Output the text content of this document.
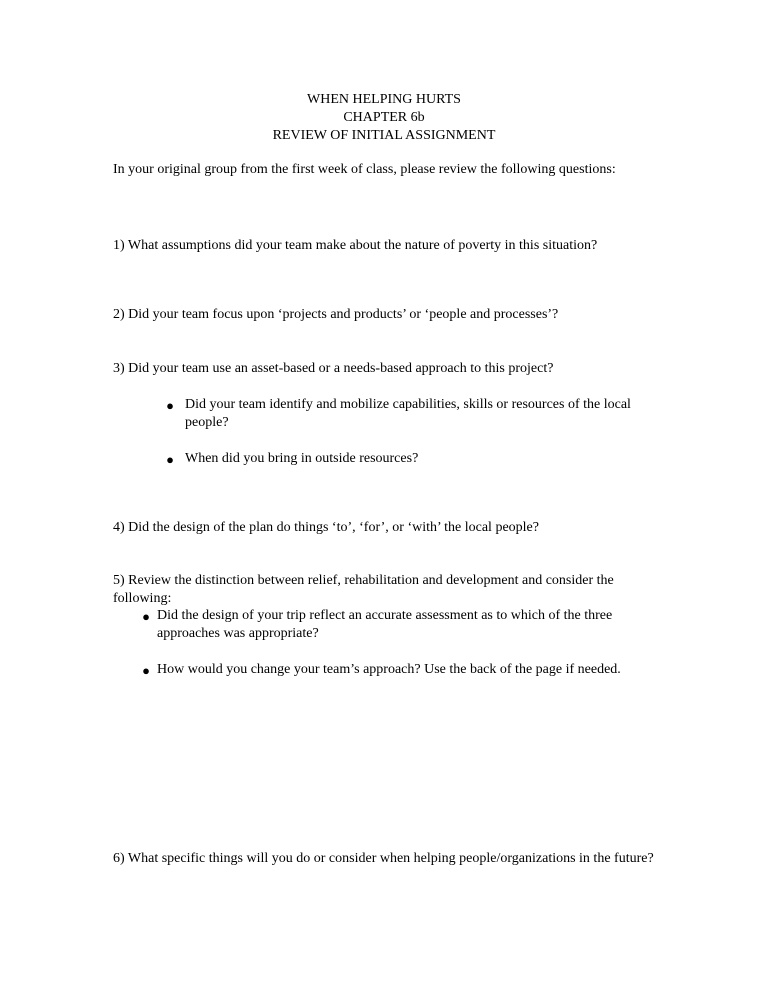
WHEN HELPING HURTS
CHAPTER 6b
REVIEW OF INITIAL ASSIGNMENT

In your original group from the first week of class, please review the following questions:

1) What assumptions did your team make about the nature of poverty in this situation?

2) Did your team focus upon ‘projects and products’ or ‘people and processes’?

3) Did your team use an asset-based or a needs-based approach to this project?

● Did your team identify and mobilize capabilities, skills or resources of the local people?

● When did you bring in outside resources?

4) Did the design of the plan do things ‘to’, ‘for’, or ‘with’ the local people?

5) Review the distinction between relief, rehabilitation and development and consider the following:

● Did the design of your trip reflect an accurate assessment as to which of the three approaches was appropriate?

● How would you change your team’s approach? Use the back of the page if needed.

6) What specific things will you do or consider when helping people/organizations in the future?
